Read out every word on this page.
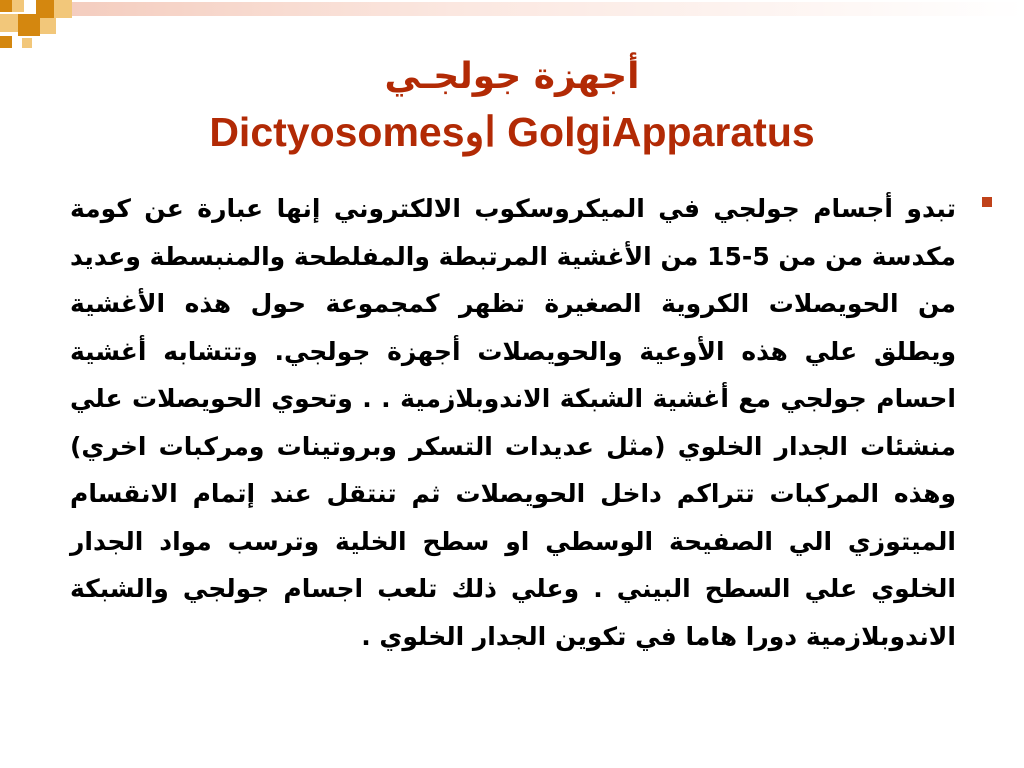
أجهزة جولجـي
Dictyosomesاو GolgiApparatus

تبدو أجسام جولجي في الميكروسكوب الالكتروني إنها عبارة عن كومة مكدسة من من 5-15 من الأغشية المرتبطة والمفلطحة والمنبسطة وعديد من الحويصلات الكروية الصغيرة تظهر كمجموعة حول هذه الأغشية ويطلق علي هذه الأوعية والحويصلات أجهزة جولجي. وتتشابه أغشية احسام جولجي مع أغشية الشبكة الاندوبلازمية . . وتحوي الحويصلات علي منشئات الجدار الخلوي (مثل عديدات التسكر وبروتينات ومركبات اخري) وهذه المركبات تتراكم داخل الحويصلات ثم تنتقل عند إتمام الانقسام الميتوزي الي الصفيحة الوسطي او سطح الخلية وترسب مواد الجدار الخلوي علي السطح البيني . وعلي ذلك تلعب اجسام جولجي والشبكة الاندوبلازمية دورا هاما في تكوين الجدار الخلوي .
